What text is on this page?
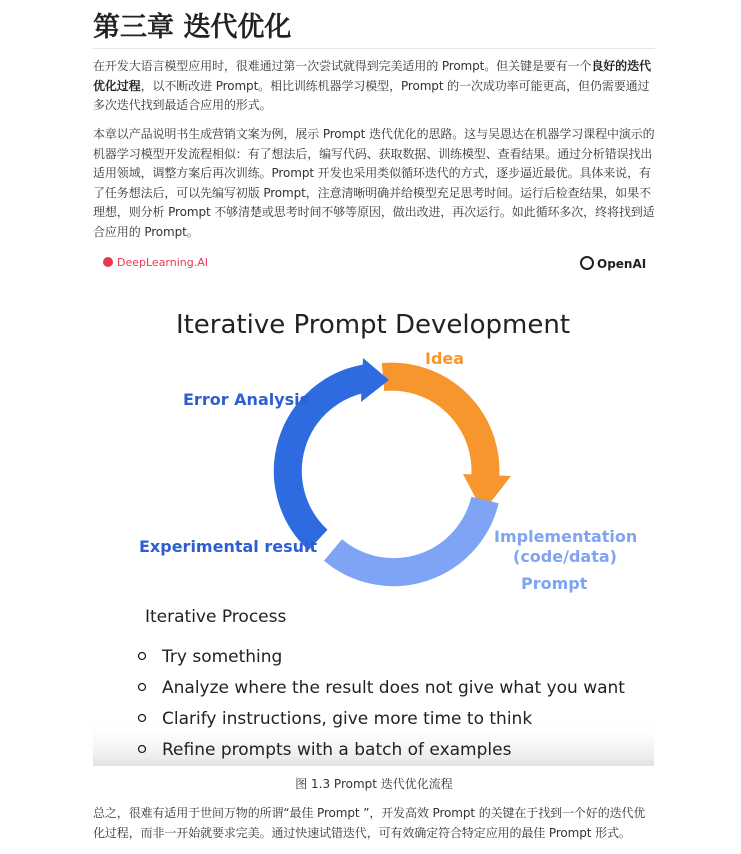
第三章 迭代优化

在开发大语言模型应用时，很难通过第一次尝试就得到完美适用的 Prompt。但关键是要有一个良好的迭代优化过程，以不断改进 Prompt。相比训练机器学习模型，Prompt 的一次成功率可能更高，但仍需要通过多次迭代找到最适合应用的形式。

本章以产品说明书生成营销文案为例，展示 Prompt 迭代优化的思路。这与吴恩达在机器学习课程中演示的机器学习模型开发流程相似：有了想法后，编写代码、获取数据、训练模型、查看结果。通过分析错误找出适用领域，调整方案后再次训练。Prompt 开发也采用类似循环迭代的方式，逐步逼近最优。具体来说，有了任务想法后，可以先编写初版 Prompt，注意清晰明确并给模型充足思考时间。运行后检查结果，如果不理想，则分析 Prompt 不够清楚或思考时间不够等原因，做出改进，再次运行。如此循环多次，终将找到适合应用的 Prompt。

总之，很难有适用于世间万物的所谓“最佳 Prompt ”，开发高效 Prompt 的关键在于找到一个好的迭代优化过程，而非一开始就要求完美。通过快速试错迭代，可有效确定符合特定应用的最佳 Prompt 形式。

DeepLearning.AI	OpenAI
Iterative Prompt Development
Idea
Error Analysis
Implementation
(code/data)
Prompt
Experimental result
Iterative Process
Try something
Analyze where the result does not give what you want
Clarify instructions, give more time to think
Refine prompts with a batch of examples
图 1.3 Prompt 迭代优化流程
